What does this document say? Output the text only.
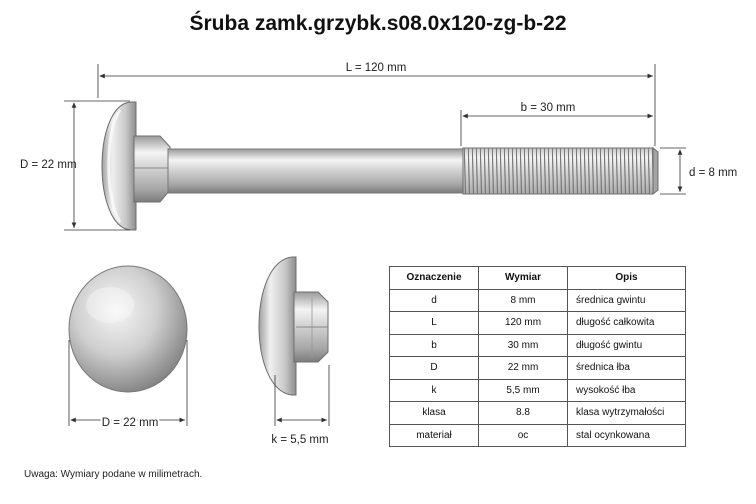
Śruba zamk.grzybk.s08.0x120-zg-b-22
L = 120 mm
b = 30 mm
D = 22 mm
d = 8 mm
D = 22 mm
k = 5,5 mm
Oznaczenie	Wymiar	Opis
d	8 mm	średnica gwintu
L	120 mm	długość całkowita
b	30 mm	długość gwintu
D	22 mm	średnica łba
k	5,5 mm	wysokość łba
klasa	8.8	klasa wytrzymałości
materiał	oc	stal ocynkowana
Uwaga: Wymiary podane w milimetrach.
